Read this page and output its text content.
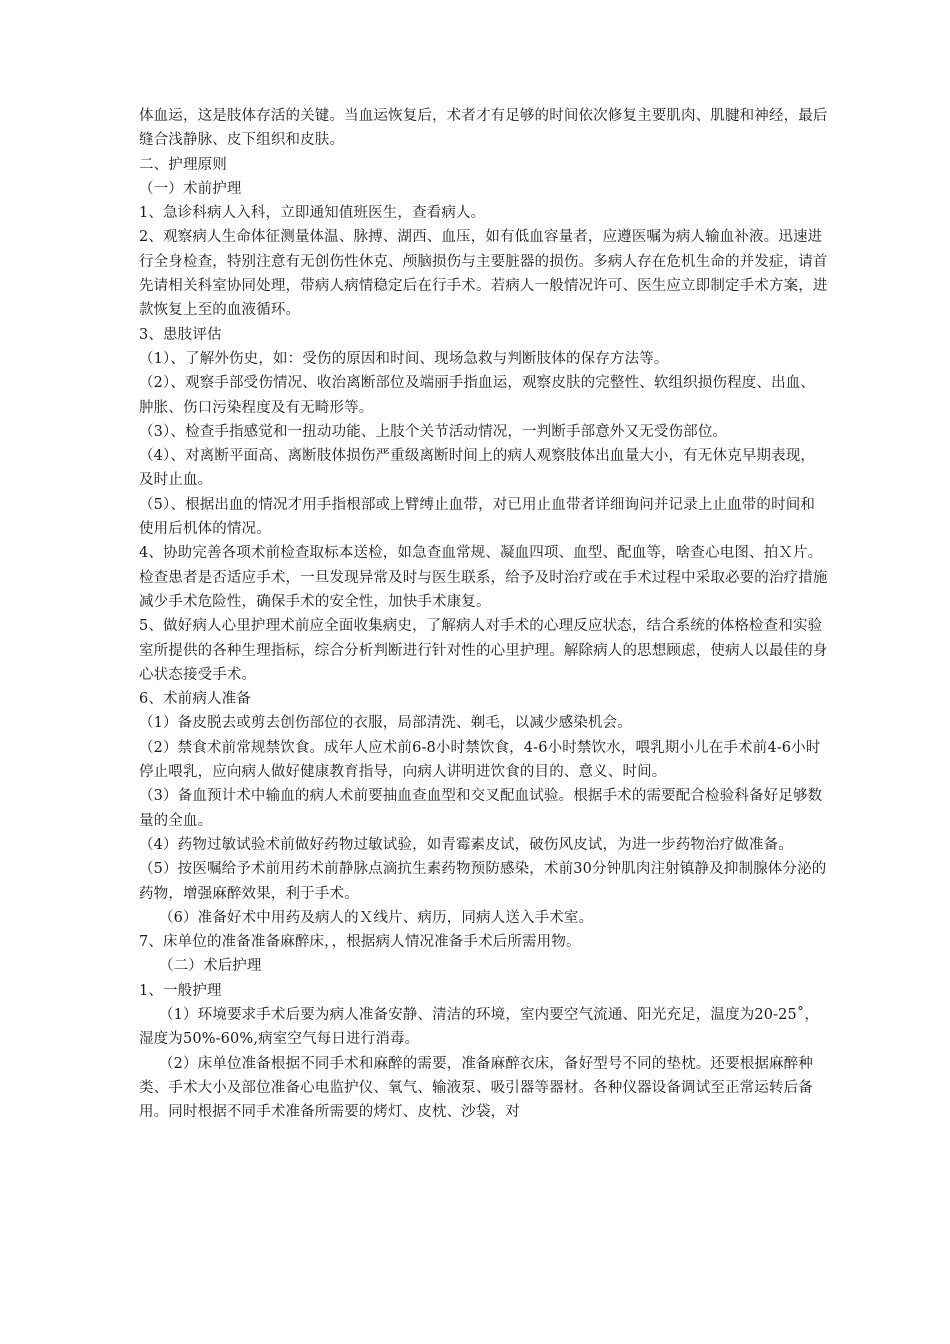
体血运，这是肢体存活的关键。当血运恢复后，术者才有足够的时间依次修复主要肌肉、肌腱和神经，最后缝合浅静脉、皮下组织和皮肤。

二、护理原则

（一）术前护理

1、急诊科病人入科，立即通知值班医生，查看病人。

2、观察病人生命体征测量体温、脉搏、湖西、血压，如有低血容量者，应遵医嘱为病人输血补液。迅速进行全身检查，特别注意有无创伤性休克、颅脑损伤与主要脏器的损伤。多病人存在危机生命的并发症，请首先请相关科室协同处理，带病人病情稳定后在行手术。若病人一般情况许可、医生应立即制定手术方案，进款恢复上至的血液循环。

3、患肢评估

（1）、了解外伤史，如：受伤的原因和时间、现场急救与判断肢体的保存方法等。

（2）、观察手部受伤情况、收治离断部位及端丽手指血运，观察皮肤的完整性、软组织损伤程度、出血、肿胀、伤口污染程度及有无畸形等。

（3）、检查手指感觉和一扭动功能、上肢个关节活动情况，一判断手部意外又无受伤部位。

（4）、对离断平面高、离断肢体损伤严重级离断时间上的病人观察肢体出血量大小，有无休克早期表现，及时止血。

（5）、根据出血的情况才用手指根部或上臂缚止血带，对已用止血带者详细询问并记录上止血带的时间和使用后机体的情况。

4、协助完善各项术前检查取标本送检，如急查血常规、凝血四项、血型、配血等，啥查心电图、拍Ｘ片。检查患者是否适应手术，一旦发现异常及时与医生联系，给予及时治疗或在手术过程中采取必要的治疗措施减少手术危险性，确保手术的安全性，加快手术康复。

5、做好病人心里护理术前应全面收集病史，了解病人对手术的心理反应状态，结合系统的体格检查和实验室所提供的各种生理指标，综合分析判断进行针对性的心里护理。解除病人的思想顾虑，使病人以最佳的身心状态接受手术。

6、术前病人准备

（1）备皮脱去或剪去创伤部位的衣服，局部清洗、剃毛，以减少感染机会。

（2）禁食术前常规禁饮食。成年人应术前6-8小时禁饮食，4-6小时禁饮水，喂乳期小儿在手术前4-6小时停止喂乳，应向病人做好健康教育指导，向病人讲明进饮食的目的、意义、时间。

（3）备血预计术中输血的病人术前要抽血查血型和交叉配血试验。根据手术的需要配合检验科备好足够数量的全血。

（4）药物过敏试验术前做好药物过敏试验，如青霉素皮试，破伤风皮试，为进一步药物治疗做准备。

（5）按医嘱给予术前用药术前静脉点滴抗生素药物预防感染，术前30分钟肌肉注射镇静及抑制腺体分泌的药物，增强麻醉效果，利于手术。

（6）准备好术中用药及病人的Ｘ线片、病历，同病人送入手术室。

7、床单位的准备准备麻醉床，，根据病人情况准备手术后所需用物。

（二）术后护理

1、一般护理

（1）环境要求手术后要为病人准备安静、清洁的环境，室内要空气流通、阳光充足，温度为20-25˚，湿度为50%-60%,病室空气每日进行消毒。

（2）床单位准备根据不同手术和麻醉的需要，准备麻醉衣床，备好型号不同的垫枕。还要根据麻醉种类、手术大小及部位准备心电监护仪、氧气、输液泵、吸引器等器材。各种仪器设备调试至正常运转后备用。同时根据不同手术准备所需要的烤灯、皮枕、沙袋，对
